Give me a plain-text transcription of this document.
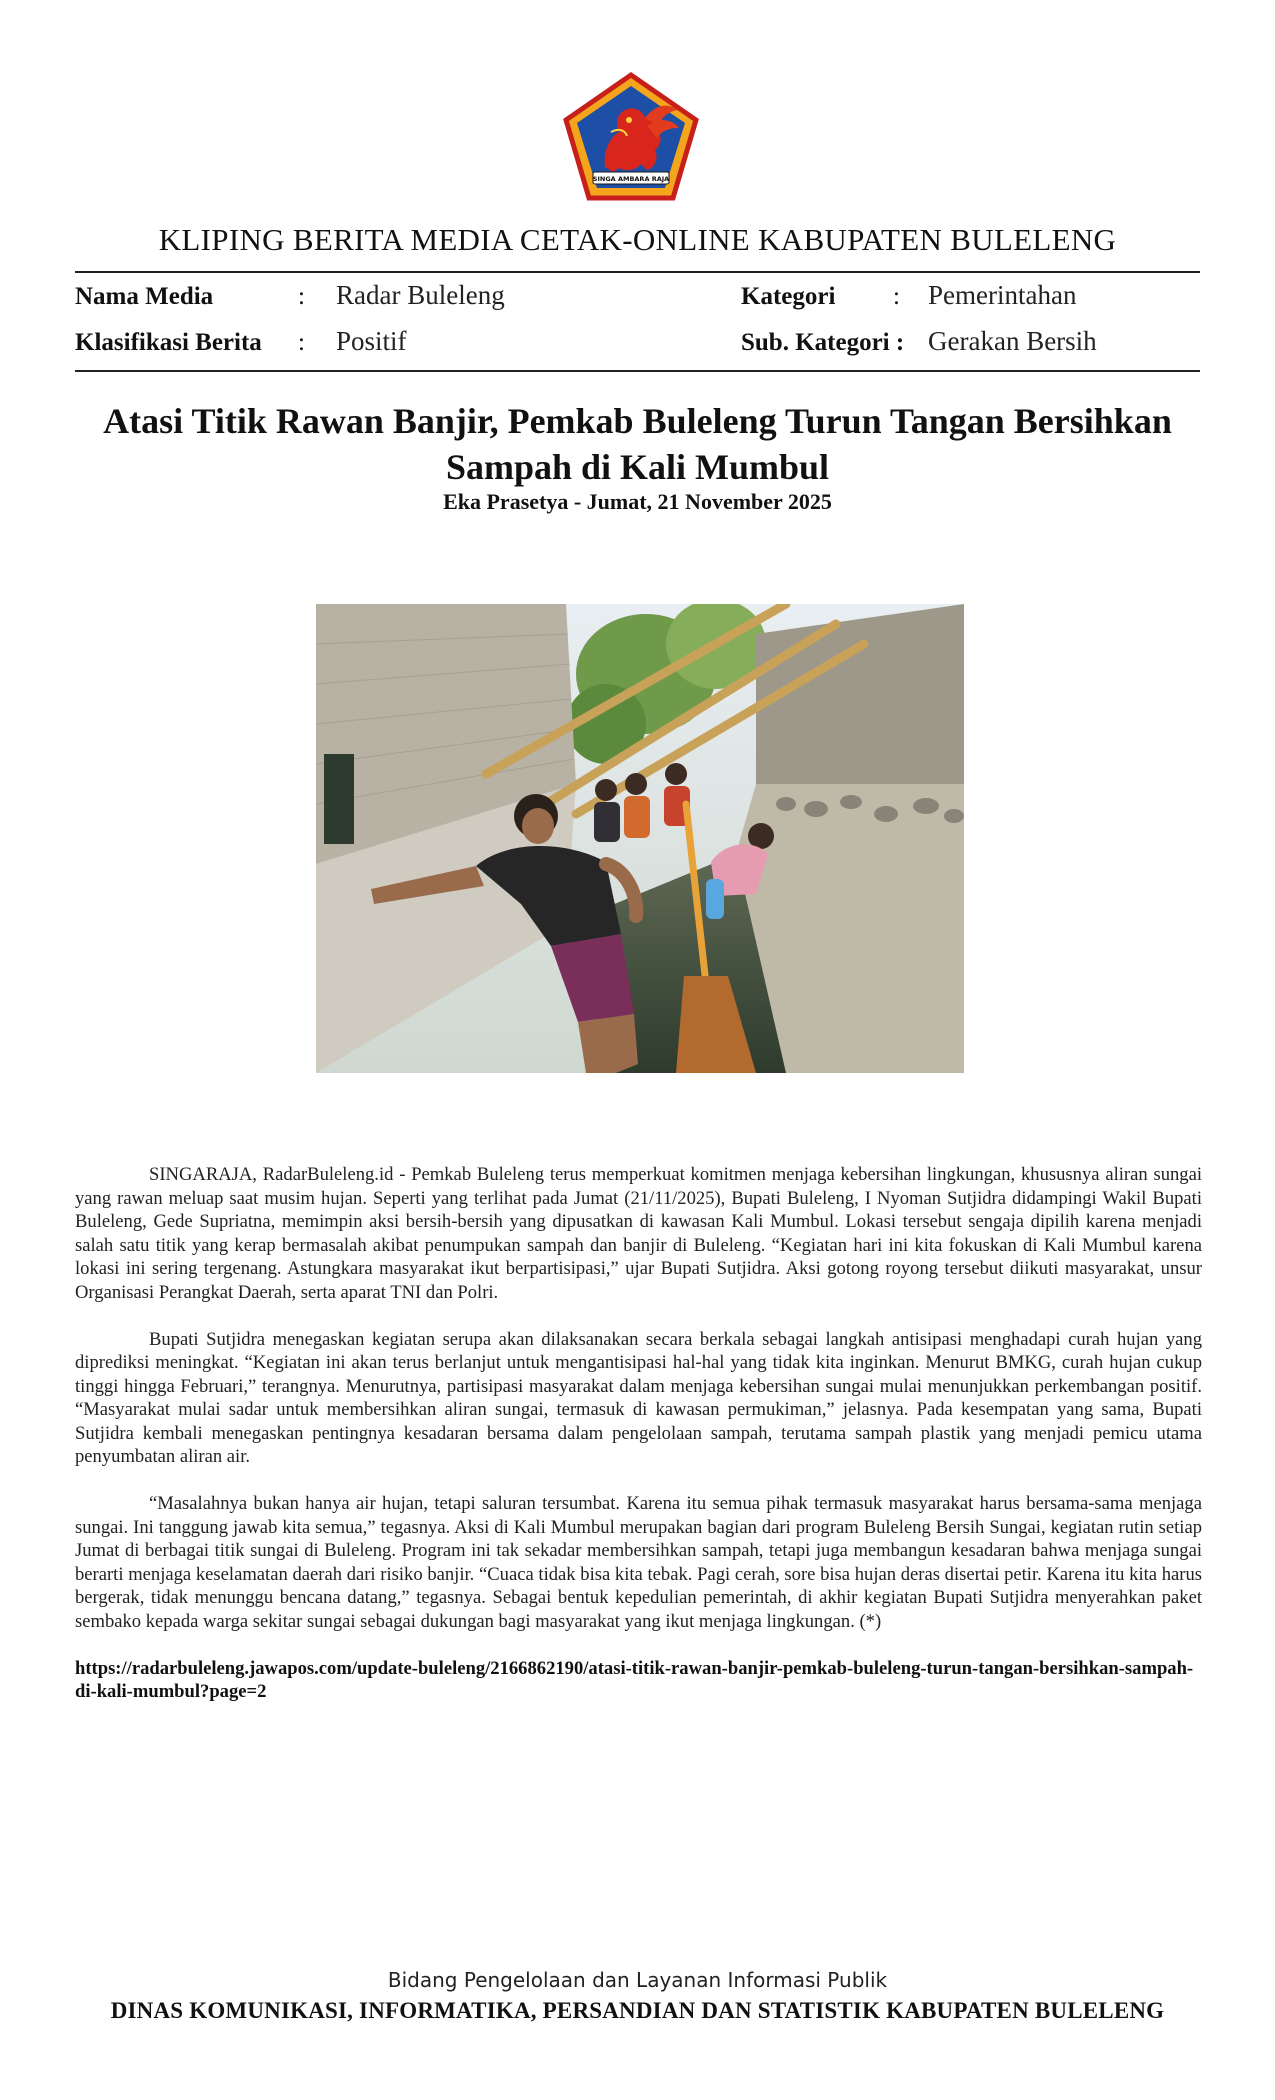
SINGA AMBARA RAJA
KLIPING BERITA MEDIA CETAK-ONLINE KABUPATEN BULELENG
Nama Media	: Radar Buleleng	Kategori : Pemerintahan
Klasifikasi Berita : Positif	Sub. Kategori : Gerakan Bersih
Atasi Titik Rawan Banjir, Pemkab Buleleng Turun Tangan Bersihkan Sampah di Kali Mumbul
Eka Prasetya - Jumat, 21 November 2025

SINGARAJA, RadarBuleleng.id - Pemkab Buleleng terus memperkuat komitmen menjaga kebersihan lingkungan, khususnya aliran sungai yang rawan meluap saat musim hujan. Seperti yang terlihat pada Jumat (21/11/2025), Bupati Buleleng, I Nyoman Sutjidra didampingi Wakil Bupati Buleleng, Gede Supriatna, memimpin aksi bersih-bersih yang dipusatkan di kawasan Kali Mumbul. Lokasi tersebut sengaja dipilih karena menjadi salah satu titik yang kerap bermasalah akibat penumpukan sampah dan banjir di Buleleng. “Kegiatan hari ini kita fokuskan di Kali Mumbul karena lokasi ini sering tergenang. Astungkara masyarakat ikut berpartisipasi,” ujar Bupati Sutjidra. Aksi gotong royong tersebut diikuti masyarakat, unsur Organisasi Perangkat Daerah, serta aparat TNI dan Polri.

Bupati Sutjidra menegaskan kegiatan serupa akan dilaksanakan secara berkala sebagai langkah antisipasi menghadapi curah hujan yang diprediksi meningkat. “Kegiatan ini akan terus berlanjut untuk mengantisipasi hal-hal yang tidak kita inginkan. Menurut BMKG, curah hujan cukup tinggi hingga Februari,” terangnya. Menurutnya, partisipasi masyarakat dalam menjaga kebersihan sungai mulai menunjukkan perkembangan positif. “Masyarakat mulai sadar untuk membersihkan aliran sungai, termasuk di kawasan permukiman,” jelasnya. Pada kesempatan yang sama, Bupati Sutjidra kembali menegaskan pentingnya kesadaran bersama dalam pengelolaan sampah, terutama sampah plastik yang menjadi pemicu utama penyumbatan aliran air.

“Masalahnya bukan hanya air hujan, tetapi saluran tersumbat. Karena itu semua pihak termasuk masyarakat harus bersama-sama menjaga sungai. Ini tanggung jawab kita semua,” tegasnya. Aksi di Kali Mumbul merupakan bagian dari program Buleleng Bersih Sungai, kegiatan rutin setiap Jumat di berbagai titik sungai di Buleleng. Program ini tak sekadar membersihkan sampah, tetapi juga membangun kesadaran bahwa menjaga sungai berarti menjaga keselamatan daerah dari risiko banjir. “Cuaca tidak bisa kita tebak. Pagi cerah, sore bisa hujan deras disertai petir. Karena itu kita harus bergerak, tidak menunggu bencana datang,” tegasnya. Sebagai bentuk kepedulian pemerintah, di akhir kegiatan Bupati Sutjidra menyerahkan paket sembako kepada warga sekitar sungai sebagai dukungan bagi masyarakat yang ikut menjaga lingkungan. (*)

https://radarbuleleng.jawapos.com/update-buleleng/2166862190/atasi-titik-rawan-banjir-pemkab-buleleng-turun-tangan-bersihkan-sampah-di-kali-mumbul?page=2

Bidang Pengelolaan dan Layanan Informasi Publik
DINAS KOMUNIKASI, INFORMATIKA, PERSANDIAN DAN STATISTIK KABUPATEN BULELENG
